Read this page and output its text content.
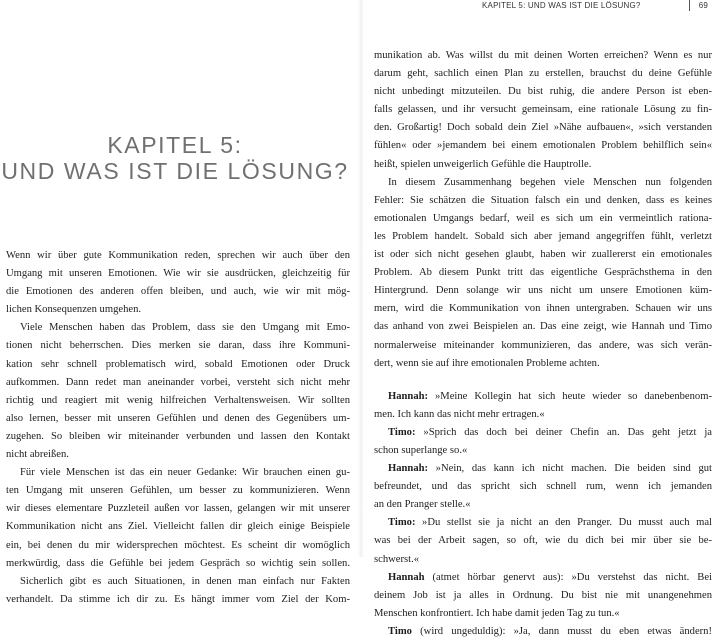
KAPITEL 5: UND WAS IST DIE LÖSUNG?	69
KAPITEL 5:
UND WAS IST DIE LÖSUNG?
Wenn wir über gute Kommunikation reden, sprechen wir auch über den
Umgang mit unseren Emotionen. Wie wir sie ausdrücken, gleichzeitig für
die Emotionen des anderen offen bleiben, und auch, wie wir mit mög-
lichen Konsequenzen umgehen.
Viele Menschen haben das Problem, dass sie den Umgang mit Emo-
tionen nicht beherrschen. Dies merken sie daran, dass ihre Kommuni-
kation sehr schnell problematisch wird, sobald Emotionen oder Druck
aufkommen. Dann redet man aneinander vorbei, versteht sich nicht mehr
richtig und reagiert mit wenig hilfreichen Verhaltensweisen. Wir sollten
also lernen, besser mit unseren Gefühlen und denen des Gegenübers um-
zugehen. So bleiben wir miteinander verbunden und lassen den Kontakt
nicht abreißen.
Für viele Menschen ist das ein neuer Gedanke: Wir brauchen einen gu-
ten Umgang mit unseren Gefühlen, um besser zu kommunizieren. Wenn
wir dieses elementare Puzzleteil außen vor lassen, gelangen wir mit unserer
Kommunikation nicht ans Ziel. Vielleicht fallen dir gleich einige Beispiele
ein, bei denen du mir widersprechen möchtest. Es scheint dir womöglich
merkwürdig, dass die Gefühle bei jedem Gespräch so wichtig sein sollen.
Sicherlich gibt es auch Situationen, in denen man einfach nur Fakten
verhandelt. Da stimme ich dir zu. Es hängt immer vom Ziel der Kom-
munikation ab. Was willst du mit deinen Worten erreichen? Wenn es nur
darum geht, sachlich einen Plan zu erstellen, brauchst du deine Gefühle
nicht unbedingt mitzuteilen. Du bist ruhig, die andere Person ist eben-
falls gelassen, und ihr versucht gemeinsam, eine rationale Lösung zu fin-
den. Großartig! Doch sobald dein Ziel »Nähe aufbauen«, »sich verstanden
fühlen« oder »jemandem bei einem emotionalen Problem behilflich sein«
heißt, spielen unweigerlich Gefühle die Hauptrolle.
In diesem Zusammenhang begehen viele Menschen nun folgenden
Fehler: Sie schätzen die Situation falsch ein und denken, dass es keines
emotionalen Umgangs bedarf, weil es sich um ein vermeintlich rationa-
les Problem handelt. Sobald sich aber jemand angegriffen fühlt, verletzt
ist oder sich nicht gesehen glaubt, haben wir zuallererst ein emotionales
Problem. Ab diesem Punkt tritt das eigentliche Gesprächsthema in den
Hintergrund. Denn solange wir uns nicht um unsere Emotionen küm-
mern, wird die Kommunikation von ihnen untergraben. Schauen wir uns
das anhand von zwei Beispielen an. Das eine zeigt, wie Hannah und Timo
normalerweise miteinander kommunizieren, das andere, was sich verän-
dert, wenn sie auf ihre emotionalen Probleme achten.
Hannah: »Meine Kollegin hat sich heute wieder so danebenbenom-
men. Ich kann das nicht mehr ertragen.«
Timo: »Sprich das doch bei deiner Chefin an. Das geht jetzt ja
schon superlange so.«
Hannah: »Nein, das kann ich nicht machen. Die beiden sind gut
befreundet, und das spricht sich schnell rum, wenn ich jemanden
an den Pranger stelle.«
Timo: »Du stellst sie ja nicht an den Pranger. Du musst auch mal
was bei der Arbeit sagen, so oft, wie du dich bei mir über sie be-
schwerst.«
Hannah (atmet hörbar genervt aus): »Du verstehst das nicht. Bei
deinem Job ist ja alles in Ordnung. Du bist nie mit unangenehmen
Menschen konfrontiert. Ich habe damit jeden Tag zu tun.«
Timo (wird ungeduldig): »Ja, dann musst du eben etwas ändern!
